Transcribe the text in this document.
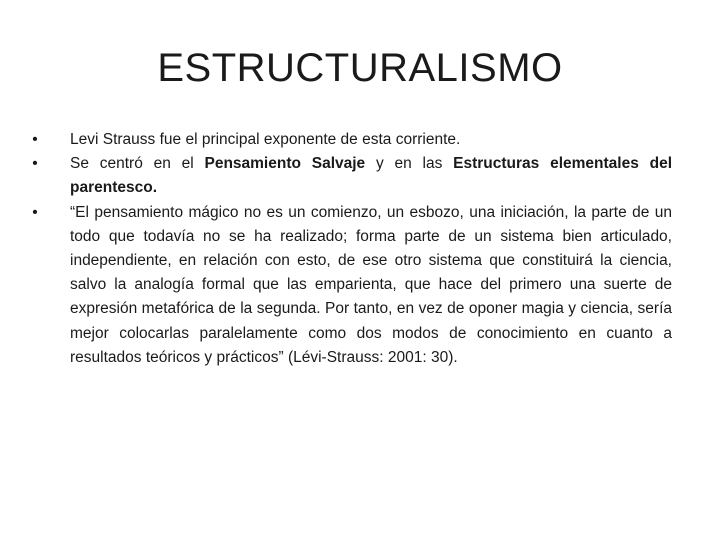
ESTRUCTURALISMO
• Levi Strauss fue el principal exponente de esta corriente.
• Se centró en el Pensamiento Salvaje y en las Estructuras elementales del parentesco.
• “El pensamiento mágico no es un comienzo, un esbozo, una iniciación, la parte de un todo que todavía no se ha realizado; forma parte de un sistema bien articulado, independiente, en relación con esto, de ese otro sistema que constituirá la ciencia, salvo la analogía formal que las emparienta, que hace del primero una suerte de expresión metafórica de la segunda. Por tanto, en vez de oponer magia y ciencia, sería mejor colocarlas paralelamente como dos modos de conocimiento en cuanto a resultados teóricos y prácticos” (Lévi-Strauss: 2001: 30).
